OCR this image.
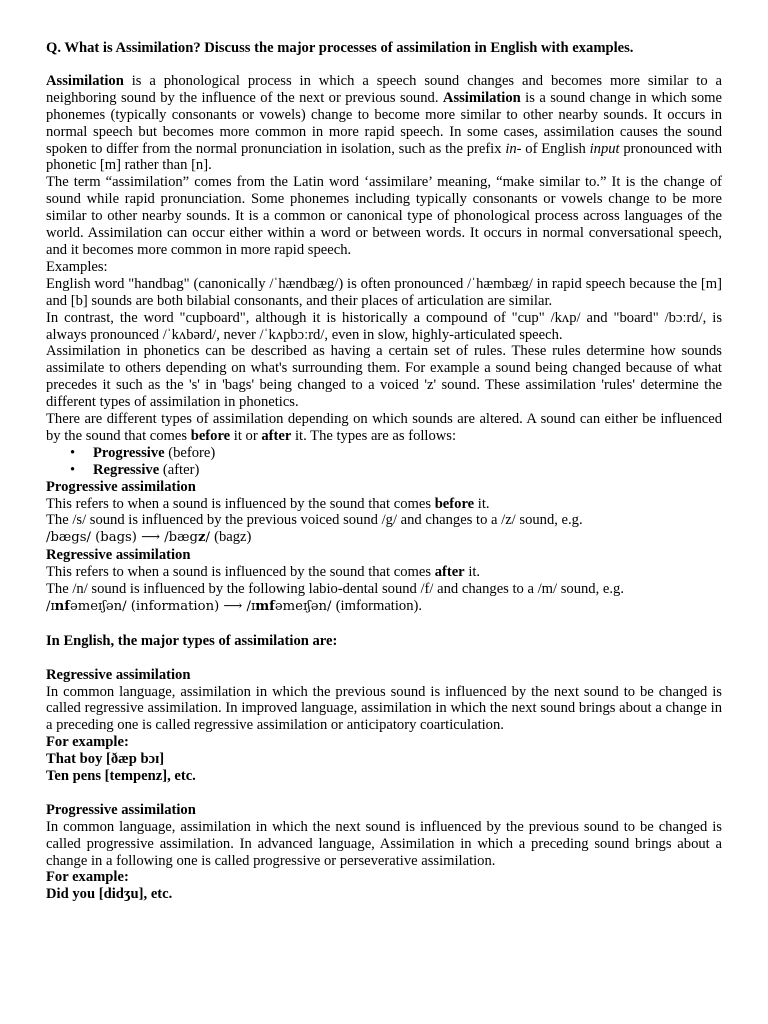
Q. What is Assimilation? Discuss the major processes of assimilation in English with examples.

Assimilation is a phonological process in which a speech sound changes and becomes more similar to a neighboring sound by the influence of the next or previous sound. Assimilation is a sound change in which some phonemes (typically consonants or vowels) change to become more similar to other nearby sounds. It occurs in normal speech but becomes more common in more rapid speech. In some cases, assimilation causes the sound spoken to differ from the normal pronunciation in isolation, such as the prefix in- of English input pronounced with phonetic [m] rather than [n].

The term “assimilation” comes from the Latin word ‘assimilare’ meaning, “make similar to.” It is the change of sound while rapid pronunciation. Some phonemes including typically consonants or vowels change to be more similar to other nearby sounds. It is a common or canonical type of phonological process across languages of the world. Assimilation can occur either within a word or between words. It occurs in normal conversational speech, and it becomes more common in more rapid speech.

Examples:

English word "handbag" (canonically /ˈhændbæg/) is often pronounced /ˈhæmbæg/ in rapid speech because the [m] and [b] sounds are both bilabial consonants, and their places of articulation are similar.

In contrast, the word "cupboard", although it is historically a compound of "cup" /kʌp/ and "board" /bɔːrd/, is always pronounced /ˈkʌbərd/, never /ˈkʌpbɔːrd/, even in slow, highly-articulated speech.

Assimilation in phonetics can be described as having a certain set of rules. These rules determine how sounds assimilate to others depending on what's surrounding them. For example a sound being changed because of what precedes it such as the 's' in 'bags' being changed to a voiced 'z' sound. These assimilation 'rules' determine the different types of assimilation in phonetics.

There are different types of assimilation depending on which sounds are altered. A sound can either be influenced by the sound that comes before it or after it. The types are as follows:

• Progressive (before)
• Regressive (after)

Progressive assimilation

This refers to when a sound is influenced by the sound that comes before it.

The /s/ sound is influenced by the previous voiced sound /g/ and changes to a /z/ sound, e.g.

/bægs/ (bags) ⟶ /bægz/ (bagz)

Regressive assimilation

This refers to when a sound is influenced by the sound that comes after it.

The /n/ sound is influenced by the following labio-dental sound /f/ and changes to a /m/ sound, e.g.

/ɪnfəmeɪʃən/ (information) ⟶ /ɪmfəmeɪʃən/ (imformation).

In English, the major types of assimilation are:

Regressive assimilation

In common language, assimilation in which the previous sound is influenced by the next sound to be changed is called regressive assimilation. In improved language, assimilation in which the next sound brings about a change in a preceding one is called regressive assimilation or anticipatory coarticulation.

For example:

That boy [ðæp bɔɪ]

Ten pens [tempenz], etc.

Progressive assimilation

In common language, assimilation in which the next sound is influenced by the previous sound to be changed is called progressive assimilation. In advanced language, Assimilation in which a preceding sound brings about a change in a following one is called progressive or perseverative assimilation.

For example:

Did you [didʒu], etc.
